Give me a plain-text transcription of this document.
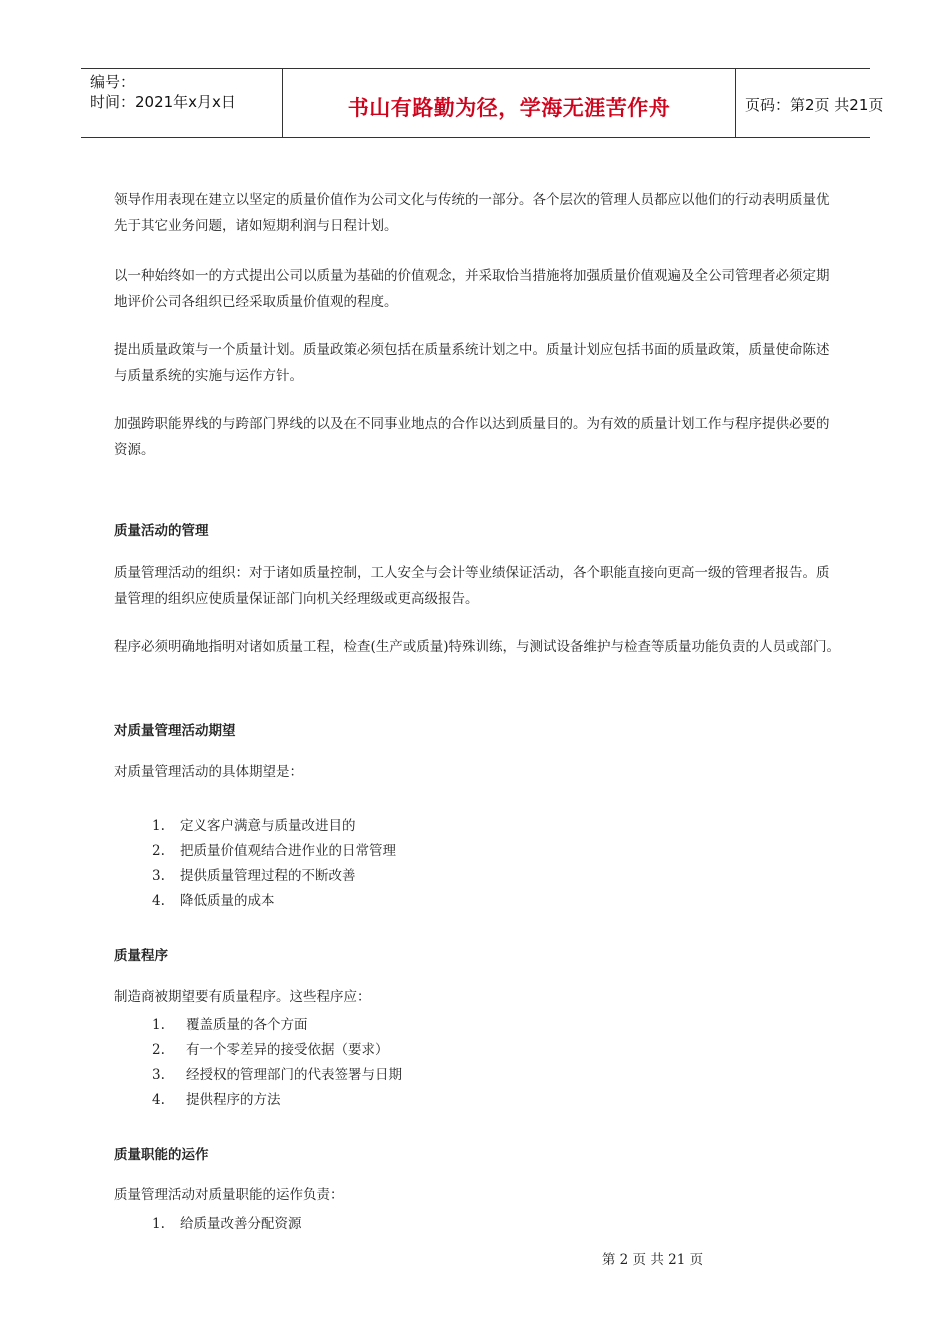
编号：
时间：2021年x月x日	书山有路勤为径，学海无涯苦作舟	页码：第2页 共21页

领导作用表现在建立以坚定的质量价值作为公司文化与传统的一部分。各个层次的管理人员都应以他们的行动表明质量优先于其它业务问题，诸如短期利润与日程计划。

以一种始终如一的方式提出公司以质量为基础的价值观念，并采取恰当措施将加强质量价值观遍及全公司管理者必须定期地评价公司各组织已经采取质量价值观的程度。

提出质量政策与一个质量计划。质量政策必须包括在质量系统计划之中。质量计划应包括书面的质量政策，质量使命陈述与质量系统的实施与运作方针。

加强跨职能界线的与跨部门界线的以及在不同事业地点的合作以达到质量目的。为有效的质量计划工作与程序提供必要的资源。

质量活动的管理

质量管理活动的组织：对于诸如质量控制，工人安全与会计等业绩保证活动，各个职能直接向更高一级的管理者报告。质量管理的组织应使质量保证部门向机关经理级或更高级报告。

程序必须明确地指明对诸如质量工程，检查(生产或质量)特殊训练，与测试设备维护与检查等质量功能负责的人员或部门。

对质量管理活动期望

对质量管理活动的具体期望是：

1. 定义客户满意与质量改进目的
2. 把质量价值观结合进作业的日常管理
3. 提供质量管理过程的不断改善
4. 降低质量的成本

质量程序

制造商被期望要有质量程序。这些程序应：

1. 覆盖质量的各个方面
2. 有一个零差异的接受依据（要求）
3. 经授权的管理部门的代表签署与日期
4. 提供程序的方法

质量职能的运作

质量管理活动对质量职能的运作负责：

1. 给质量改善分配资源
第 2 页 共 21 页
